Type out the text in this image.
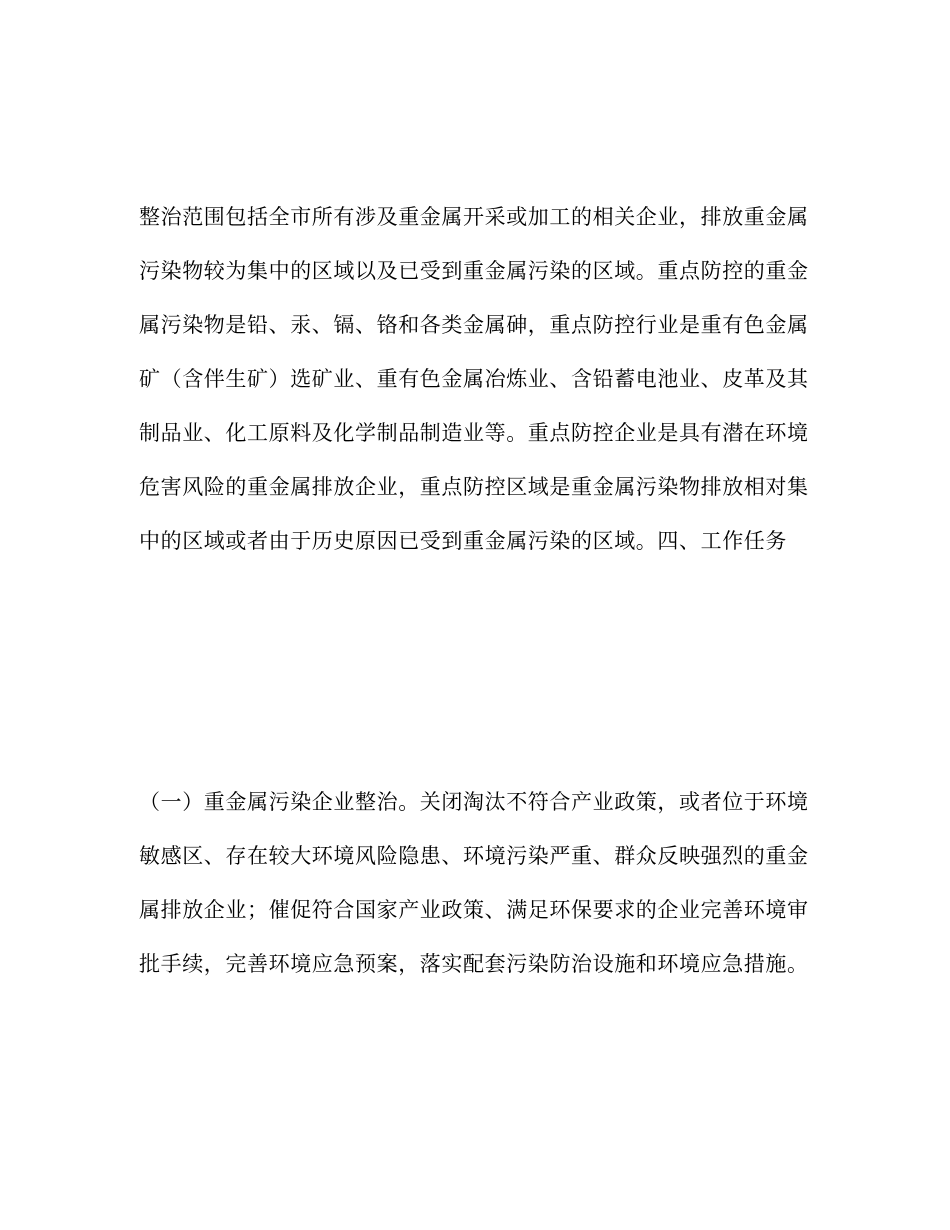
整治范围包括全市所有涉及重金属开采或加工的相关企业，排放重金属
污染物较为集中的区域以及已受到重金属污染的区域。重点防控的重金
属污染物是铅、汞、镉、铬和各类金属砷，重点防控行业是重有色金属
矿（含伴生矿）选矿业、重有色金属冶炼业、含铅蓄电池业、皮革及其
制品业、化工原料及化学制品制造业等。重点防控企业是具有潜在环境
危害风险的重金属排放企业，重点防控区域是重金属污染物排放相对集
中的区域或者由于历史原因已受到重金属污染的区域。四、工作任务
（一）重金属污染企业整治。关闭淘汰不符合产业政策，或者位于环境
敏感区、存在较大环境风险隐患、环境污染严重、群众反映强烈的重金
属排放企业；催促符合国家产业政策、满足环保要求的企业完善环境审
批手续，完善环境应急预案，落实配套污染防治设施和环境应急措施。
